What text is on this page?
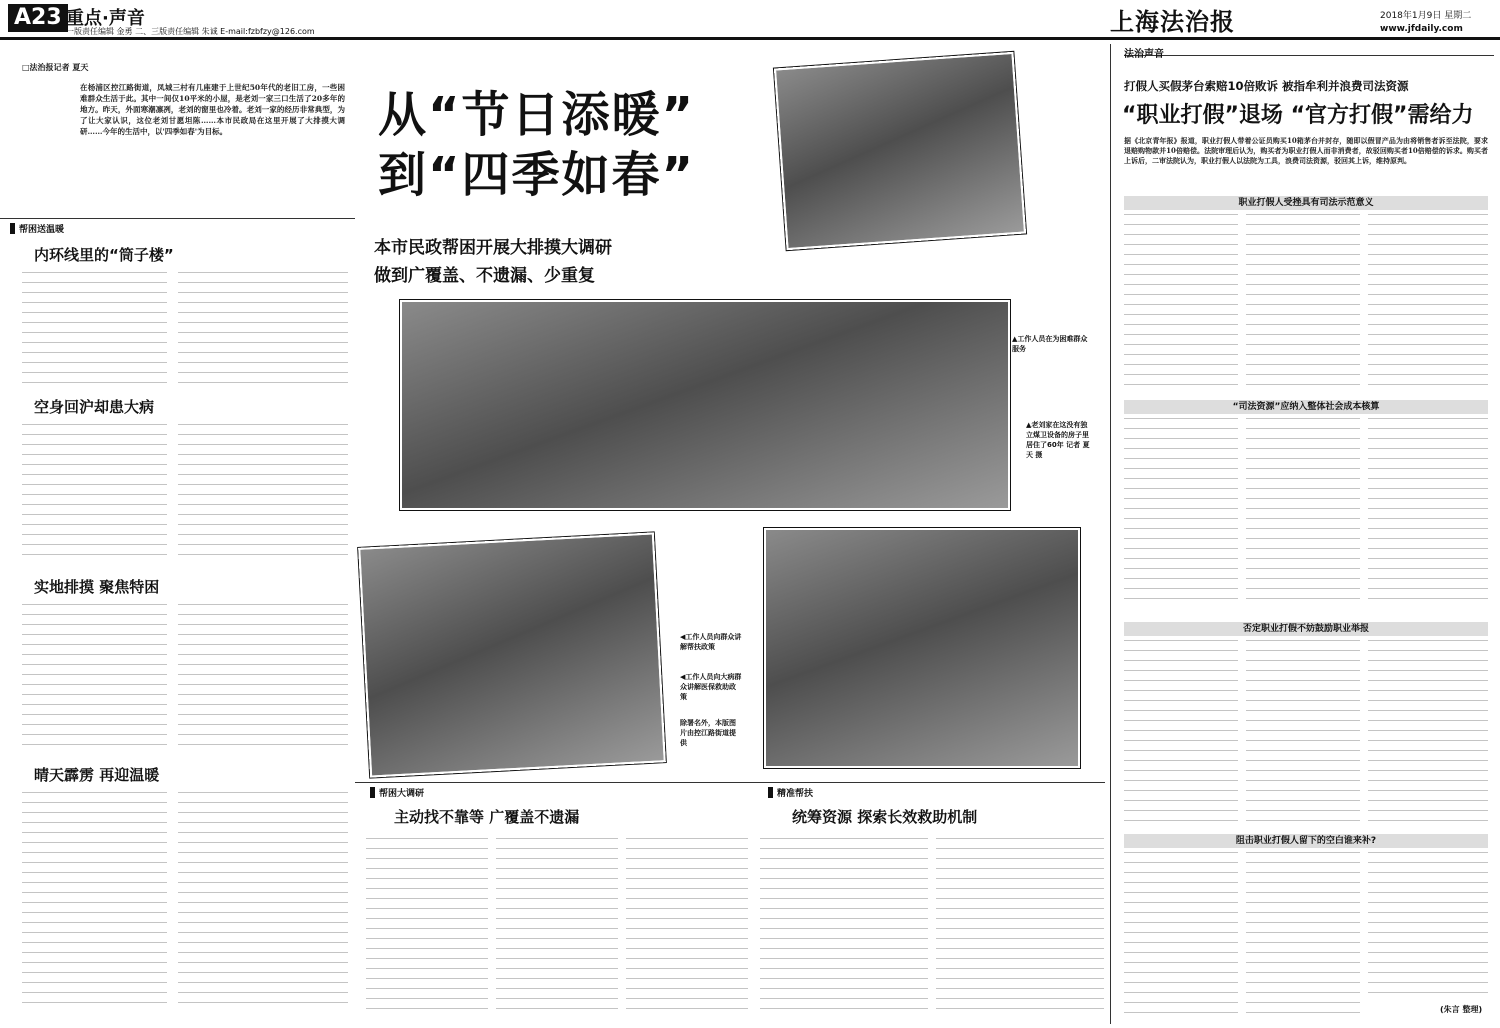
A23 重点·声音
一版责任编辑 金勇 二、三版责任编辑 朱诚 E-mail:fzbfzy@126.com	上海法治报	2018年1月9日 星期二
www.jfdaily.com
□法治报记者 夏天
在杨浦区控江路街道，凤城三村有几座建于上世纪50年代的老旧工房，一些困难群众生活于此。其中一间仅10平米的小屋，是老刘一家三口生活了20多年的地方。昨天，外面寒潮凛冽，老刘的窗里也冷着。老刘一家的经历非常典型，为了让大家认识，这位老刘甘愿坦陈……本市民政局在这里开展了大排摸大调研……今年的生活中，以'四季如春'为目标。
帮困送温暖
内环线里的“筒子楼”
空身回沪却患大病
实地排摸 聚焦特困
晴天霹雳 再迎温暖
从“节日添暖”
到“四季如春”
本市民政帮困开展大排摸大调研
做到广覆盖、不遗漏、少重复
▲工作人员在为困难群众服务
▲老刘家在这没有独立煤卫设备的房子里居住了60年 记者 夏天 摄
◀工作人员向群众讲解帮扶政策
◀工作人员向大病群众讲解医保救助政策
除署名外，本版图片由控江路街道提供
帮困大调研
主动找不靠等 广覆盖不遗漏
精准帮扶
统筹资源 探索长效救助机制
法治声音
打假人买假茅台索赔10倍败诉 被指牟利并浪费司法资源
“职业打假”退场 “官方打假”需给力
据《北京青年报》报道，职业打假人带着公证员购买10箱茅台并封存，随即以假冒产品为由将销售者诉至法院，要求退赔购物款并10倍赔偿。法院审理后认为，购买者为职业打假人而非消费者，故驳回购买者10倍赔偿的诉求。购买者上诉后，二审法院认为，职业打假人以法院为工具，浪费司法资源，驳回其上诉，维持原判。
职业打假人受挫具有司法示范意义
“司法资源”应纳入整体社会成本核算
否定职业打假不妨鼓励职业举报
阻击职业打假人留下的空白谁来补?
(朱言 整理)
